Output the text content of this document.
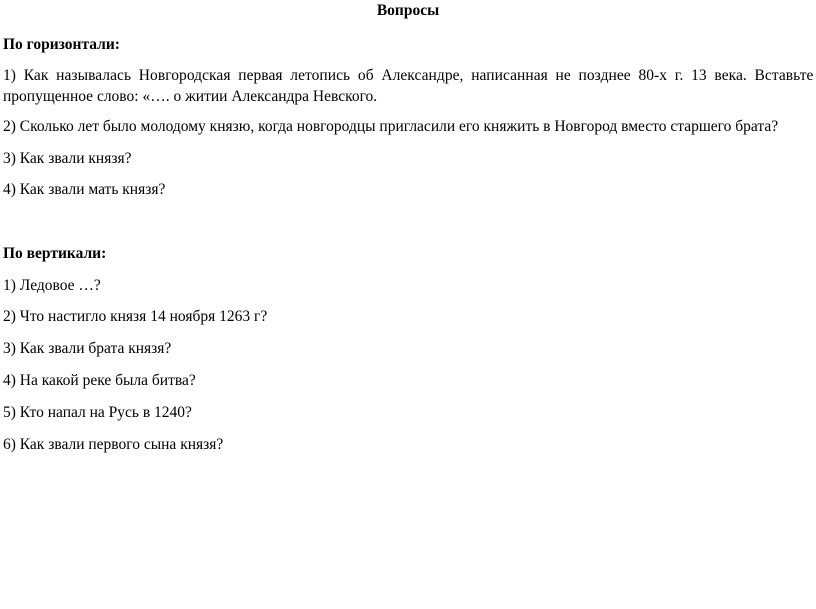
Вопросы
По горизонтали:
1) Как называлась Новгородская первая летопись об Александре, написанная не позднее 80-х г. 13 века. Вставьте
пропущенное слово: «…. о житии Александра Невского.
2) Сколько лет было молодому князю, когда новгородцы пригласили его княжить в Новгород вместо старшего брата?
3) Как звали князя?
4) Как звали мать князя?
По вертикали:
1) Ледовое …?
2) Что настигло князя 14 ноября 1263 г?
3) Как звали брата князя?
4) На какой реке была битва?
5) Кто напал на Русь в 1240?
6) Как звали первого сына князя?
